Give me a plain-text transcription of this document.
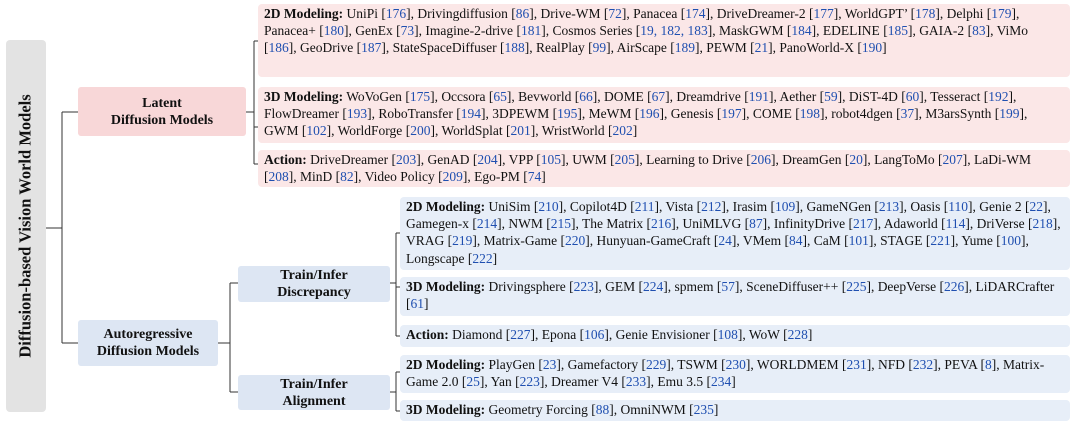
Diffusion-based Vision World Models	Latent
Diffusion Models
Autoregressive
Diffusion Models
Train/Infer
Discrepancy
Train/Infer
Alignment
2D Modeling: UniPi [176], Drivingdiffusion [86], Drive-WM [72], Panacea [174], DriveDreamer-2 [177], WorldGPT’ [178], Delphi [179], Panacea+ [180], GenEx [73], Imagine-2-drive [181], Cosmos Series [19, 182, 183], MaskGWM [184], EDELINE [185], GAIA-2 [83], ViMo [186], GeoDrive [187], StateSpaceDiffuser [188], RealPlay [99], AirScape [189], PEWM [21], PanoWorld-X [190]
3D Modeling: WoVoGen [175], Occsora [65], Bevworld [66], DOME [67], Dreamdrive [191], Aether [59], DiST-4D [60], Tesseract [192], FlowDreamer [193], RoboTransfer [194], 3DPEWM [195], MeWM [196], Genesis [197], COME [198], robot4dgen [37], M3arsSynth [199], GWM [102], WorldForge [200], WorldSplat [201], WristWorld [202]
Action: DriveDreamer [203], GenAD [204], VPP [105], UWM [205], Learning to Drive [206], DreamGen [20], LangToMo [207], LaDi-WM [208], MinD [82], Video Policy [209], Ego-PM [74]
2D Modeling: UniSim [210], Copilot4D [211], Vista [212], Irasim [109], GameNGen [213], Oasis [110], Genie 2 [22], Gamegen-x [214], NWM [215], The Matrix [216], UniMLVG [87], InfinityDrive [217], Adaworld [114], DriVerse [218], VRAG [219], Matrix-Game [220], Hunyuan-GameCraft [24], VMem [84], CaM [101], STAGE [221], Yume [100], Longscape [222]
3D Modeling: Drivingsphere [223], GEM [224], spmem [57], SceneDiffuser++ [225], DeepVerse [226], LiDARCrafter [61]
Action: Diamond [227], Epona [106], Genie Envisioner [108], WoW [228]
2D Modeling: PlayGen [23], Gamefactory [229], TSWM [230], WORLDMEM [231], NFD [232], PEVA [8], Matrix-Game 2.0 [25], Yan [223], Dreamer V4 [233], Emu 3.5 [234]
3D Modeling: Geometry Forcing [88], OmniNWM [235]
